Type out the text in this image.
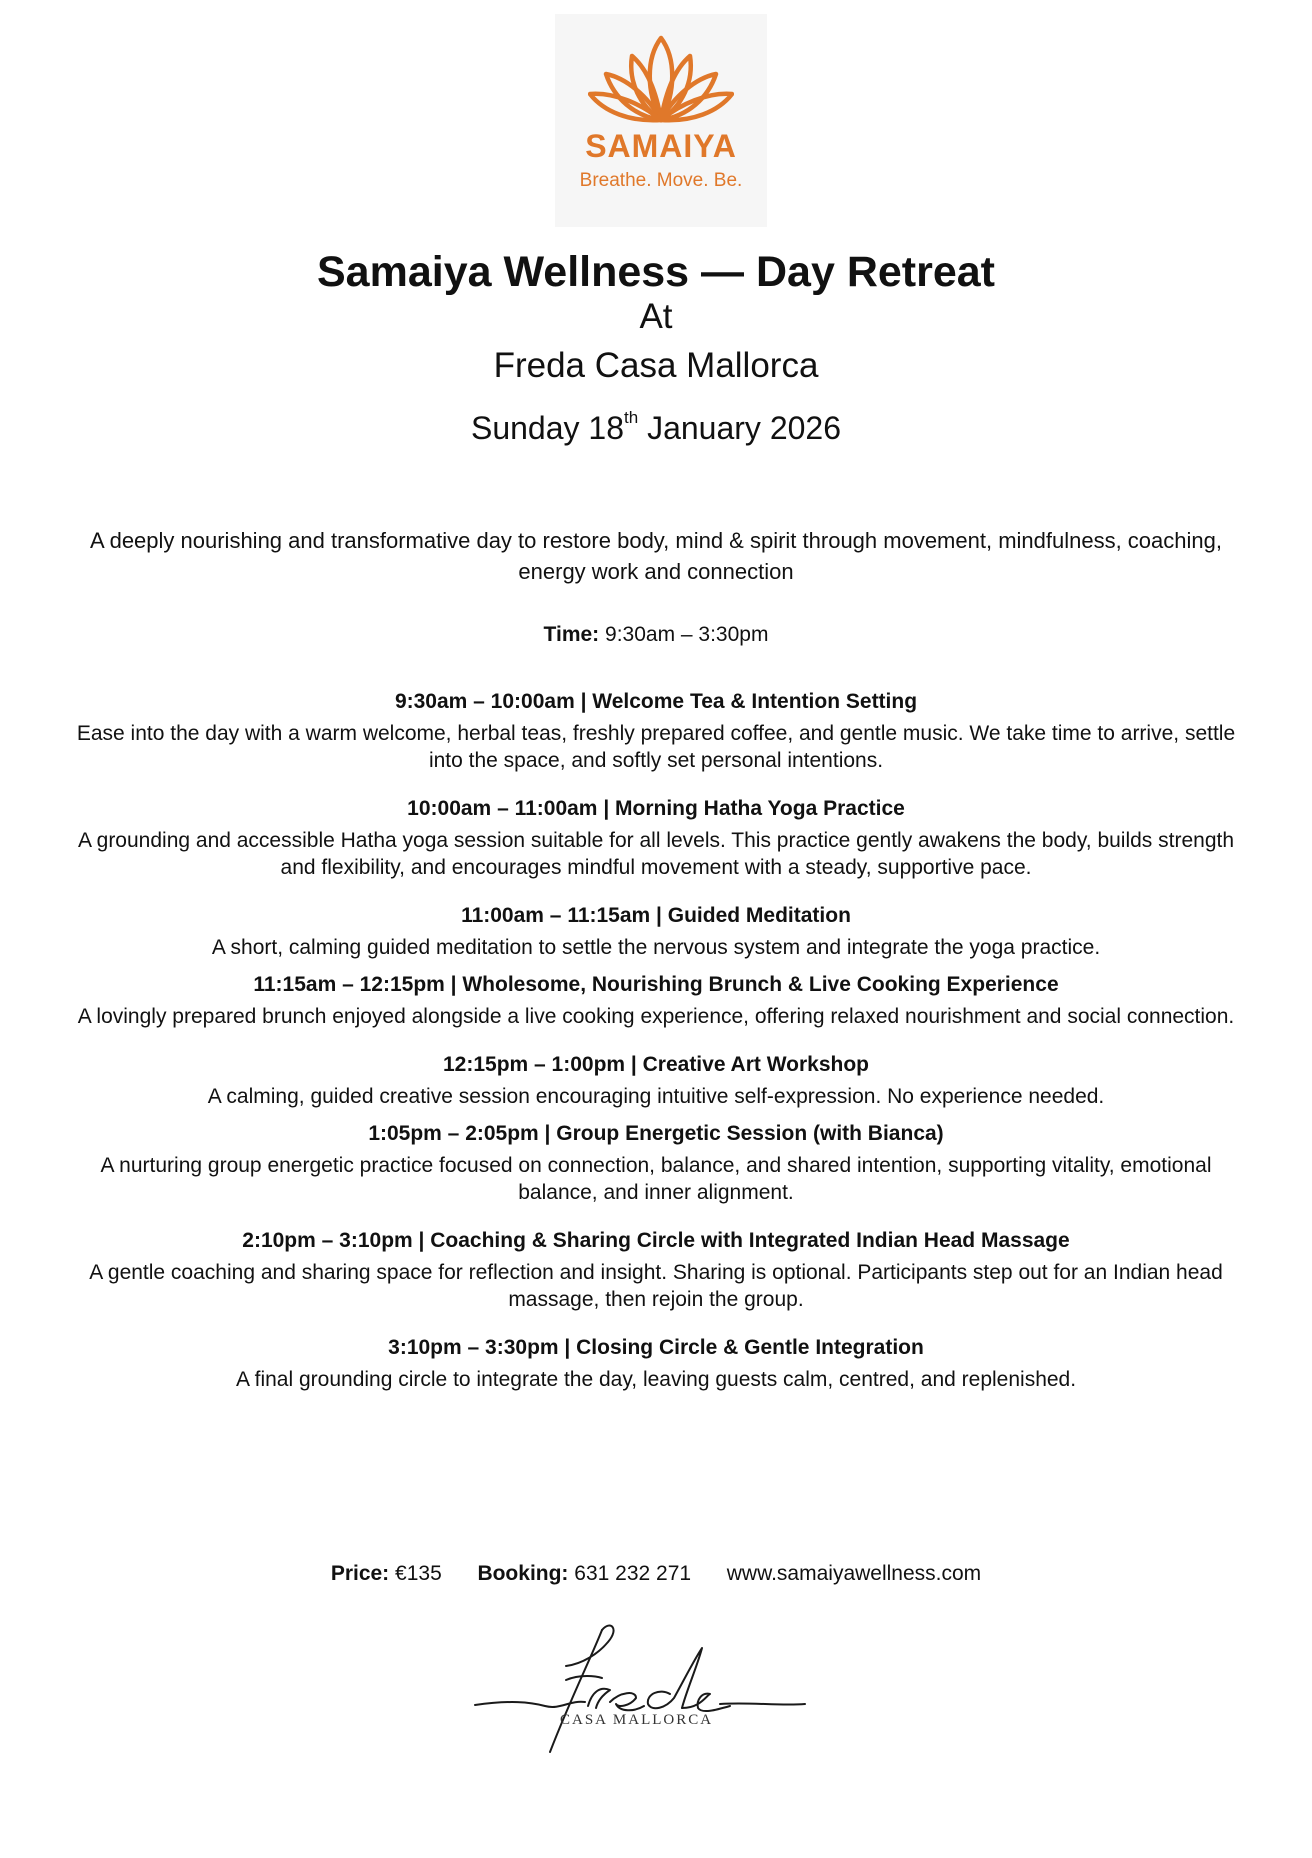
SAMAIYA
Breathe. Move. Be.
Samaiya Wellness — Day Retreat
At
Freda Casa Mallorca
Sunday 18th January 2026
A deeply nourishing and transformative day to restore body, mind & spirit through movement, mindfulness, coaching, energy work and connection
Time: 9:30am – 3:30pm
9:30am – 10:00am | Welcome Tea & Intention Setting
Ease into the day with a warm welcome, herbal teas, freshly prepared coffee, and gentle music. We take time to arrive, settle into the space, and softly set personal intentions.
10:00am – 11:00am | Morning Hatha Yoga Practice
A grounding and accessible Hatha yoga session suitable for all levels. This practice gently awakens the body, builds strength and flexibility, and encourages mindful movement with a steady, supportive pace.
11:00am – 11:15am | Guided Meditation
A short, calming guided meditation to settle the nervous system and integrate the yoga practice.
11:15am – 12:15pm | Wholesome, Nourishing Brunch & Live Cooking Experience
A lovingly prepared brunch enjoyed alongside a live cooking experience, offering relaxed nourishment and social connection.
12:15pm – 1:00pm | Creative Art Workshop
A calming, guided creative session encouraging intuitive self-expression. No experience needed.
1:05pm – 2:05pm | Group Energetic Session (with Bianca)
A nurturing group energetic practice focused on connection, balance, and shared intention, supporting vitality, emotional balance, and inner alignment.
2:10pm – 3:10pm | Coaching & Sharing Circle with Integrated Indian Head Massage
A gentle coaching and sharing space for reflection and insight. Sharing is optional. Participants step out for an Indian head massage, then rejoin the group.
3:10pm – 3:30pm | Closing Circle & Gentle Integration
A final grounding circle to integrate the day, leaving guests calm, centred, and replenished.
Price: €135 Booking: 631 232 271 www.samaiyawellness.com
CASA MALLORCA
